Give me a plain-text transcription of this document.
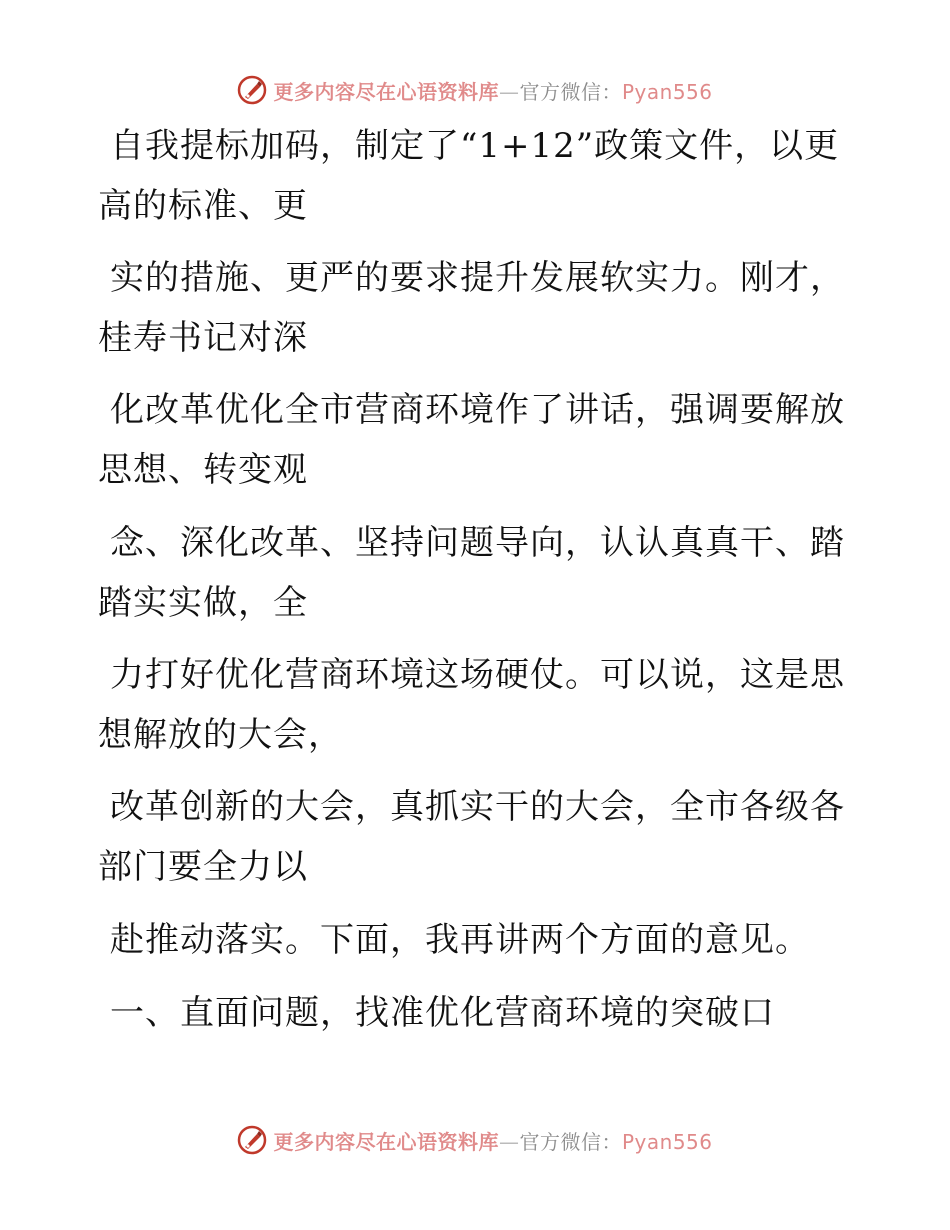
更多内容尽在心语资料库—官方微信：Pyan556
自我提标加码，制定了“1+12”政策文件，以更
高的标准、更
实的措施、更严的要求提升发展软实力。刚才，
桂寿书记对深
化改革优化全市营商环境作了讲话，强调要解放
思想、转变观
念、深化改革、坚持问题导向，认认真真干、踏
踏实实做，全
力打好优化营商环境这场硬仗。可以说，这是思
想解放的大会，
改革创新的大会，真抓实干的大会，全市各级各
部门要全力以
赴推动落实。下面，我再讲两个方面的意见。
一、直面问题，找准优化营商环境的突破口
更多内容尽在心语资料库—官方微信：Pyan556
